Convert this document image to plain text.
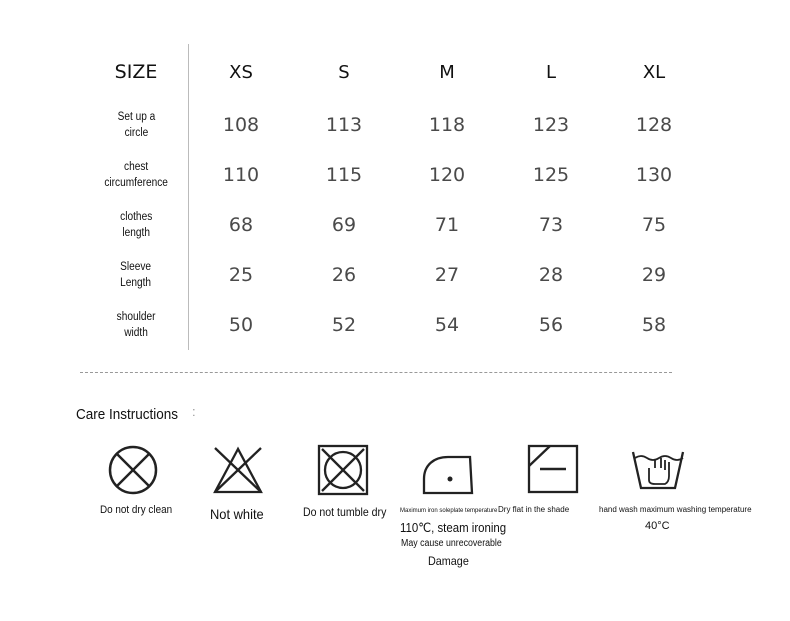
SIZE	XS	S	M	L	XL
Set up a
circle	108	113	118	123	128
chest
circumference	110	115	120	125	130
clothes
length	68	69	71	73	75
Sleeve
Length	25	26	27	28	29
shoulder
width	50	52	54	56	58
Care Instructions :
Do not dry clean	Not white	Do not tumble dry Maximum iron soleplate temperature
110℃, steam ironing
May cause unrecoverable
Damage
Dry flat in the shade	hand wash maximum washing temperature
40°C
